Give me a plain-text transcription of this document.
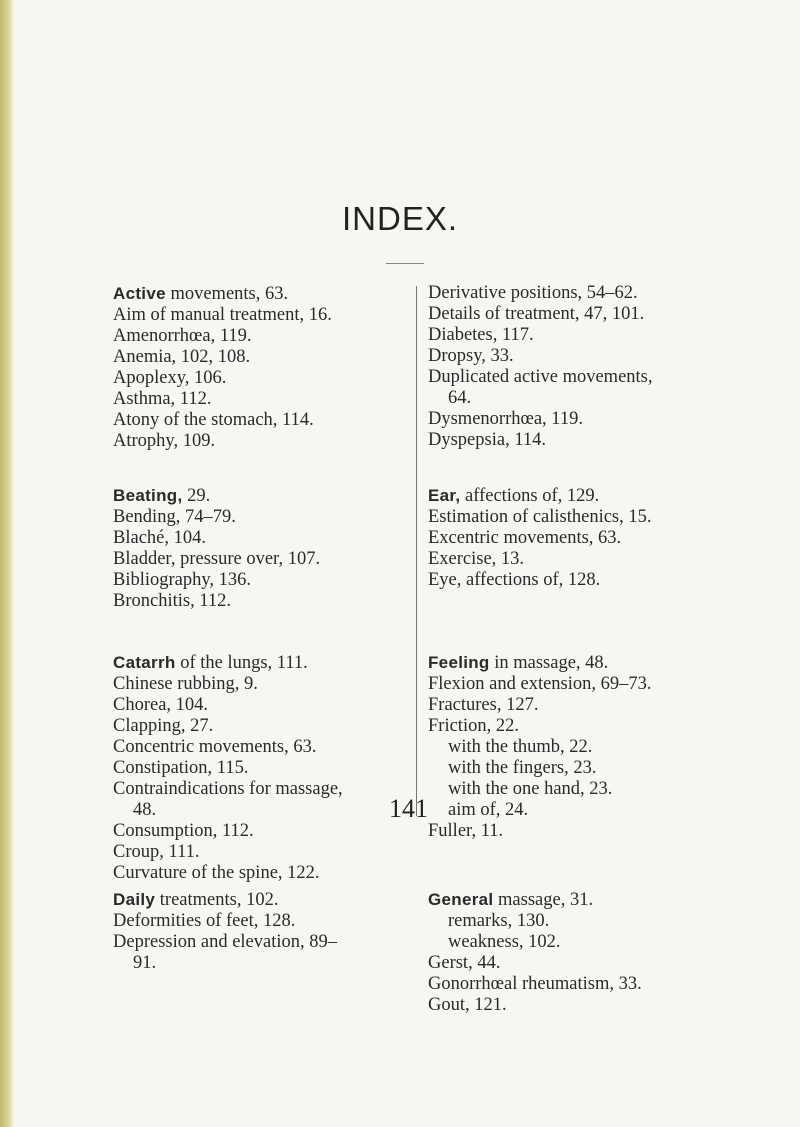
INDEX.
Active movements, 63.
Aim of manual treatment, 16.
Amenorrhœa, 119.
Anemia, 102, 108.
Apoplexy, 106.
Asthma, 112.
Atony of the stomach, 114.
Atrophy, 109.
Beating, 29.
Bending, 74–79.
Blaché, 104.
Bladder, pressure over, 107.
Bibliography, 136.
Bronchitis, 112.
Catarrh of the lungs, 111.
Chinese rubbing, 9.
Chorea, 104.
Clapping, 27.
Concentric movements, 63.
Constipation, 115.
Contraindications for massage,
48.
Consumption, 112.
Croup, 111.
Curvature of the spine, 122.
Daily treatments, 102.
Deformities of feet, 128.
Depression and elevation, 89–
91.
Derivative positions, 54–62.
Details of treatment, 47, 101.
Diabetes, 117.
Dropsy, 33.
Duplicated active movements,
64.
Dysmenorrhœa, 119.
Dyspepsia, 114.
Ear, affections of, 129.
Estimation of calisthenics, 15.
Excentric movements, 63.
Exercise, 13.
Eye, affections of, 128.
Feeling in massage, 48.
Flexion and extension, 69–73.
Fractures, 127.
Friction, 22.
with the thumb, 22.
with the fingers, 23.
with the one hand, 23.
aim of, 24.
Fuller, 11.
General massage, 31.
remarks, 130.
weakness, 102.
Gerst, 44.
Gonorrhœal rheumatism, 33.
Gout, 121.
141
